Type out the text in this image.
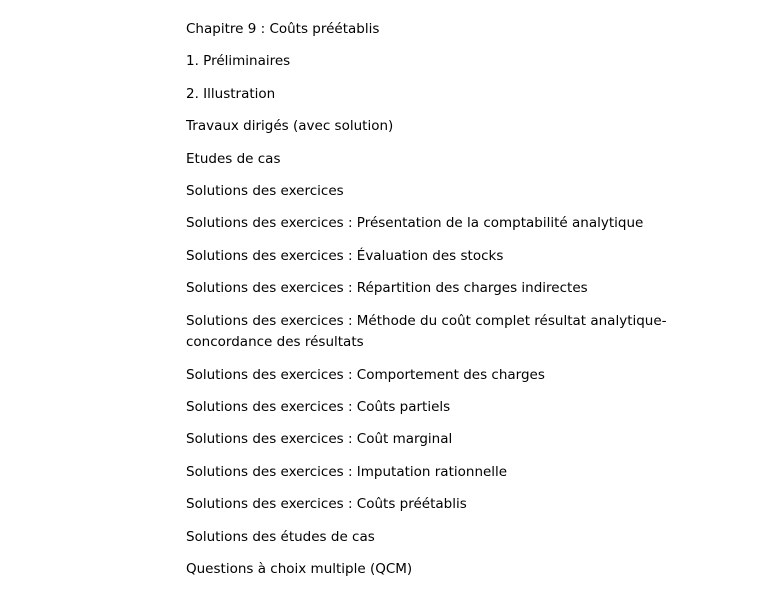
Chapitre 9 : Coûts préétablis
1. Préliminaires
2. Illustration
Travaux dirigés (avec solution)
Etudes de cas
Solutions des exercices
Solutions des exercices : Présentation de la comptabilité analytique
Solutions des exercices : Évaluation des stocks
Solutions des exercices : Répartition des charges indirectes
Solutions des exercices : Méthode du coût complet résultat analytique-concordance des résultats
Solutions des exercices : Comportement des charges
Solutions des exercices : Coûts partiels
Solutions des exercices : Coût marginal
Solutions des exercices : Imputation rationnelle
Solutions des exercices : Coûts préétablis
Solutions des études de cas
Questions à choix multiple (QCM)
